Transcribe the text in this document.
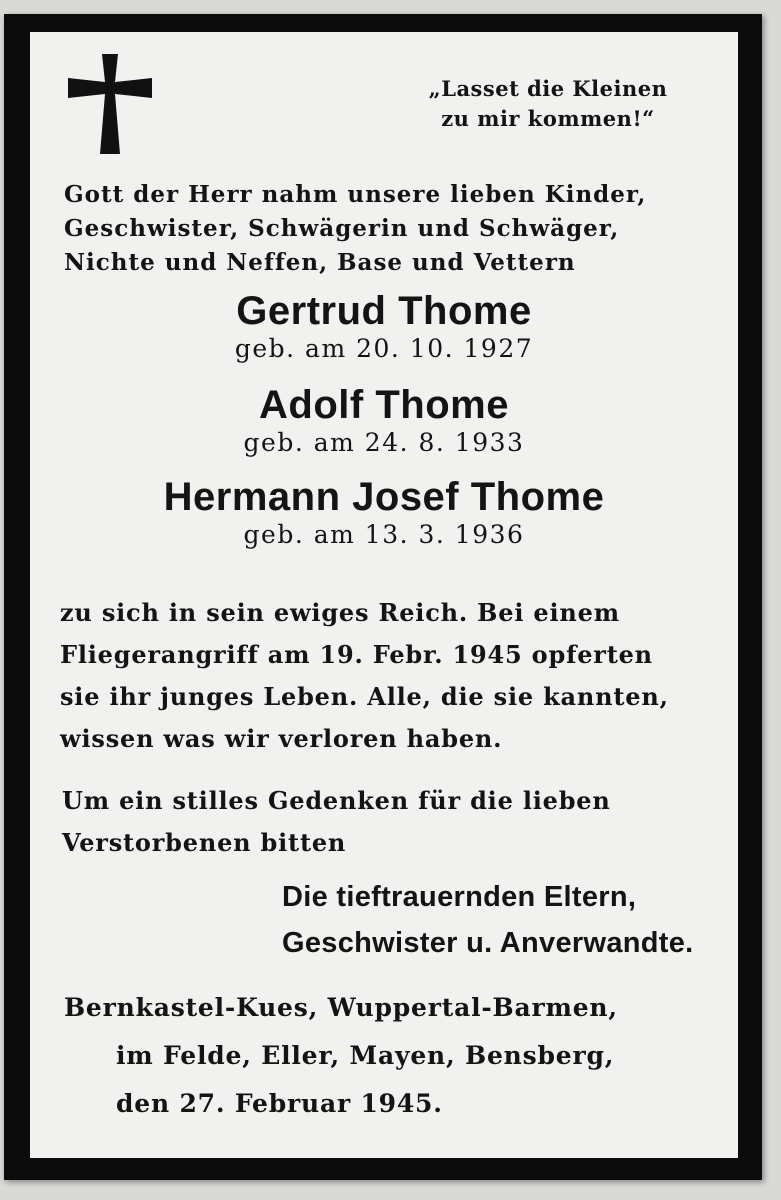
„Lasset die Kleinen
zu mir kommen!“
Gott der Herr nahm unsere lieben Kinder,
Geschwister, Schwägerin und Schwäger,
Nichte und Neffen, Base und Vettern
Gertrud Thome
geb. am 20. 10. 1927
Adolf Thome
geb. am 24. 8. 1933
Hermann Josef Thome
geb. am 13. 3. 1936
zu sich in sein ewiges Reich. Bei einem
Fliegerangriff am 19. Febr. 1945 opferten
sie ihr junges Leben. Alle, die sie kannten,
wissen was wir verloren haben.
Um ein stilles Gedenken für die lieben
Verstorbenen bitten
Die tieftrauernden Eltern,
Geschwister u. Anverwandte.
Bernkastel-Kues, Wuppertal-Barmen,
im Felde, Eller, Mayen, Bensberg,
den 27. Februar 1945.
